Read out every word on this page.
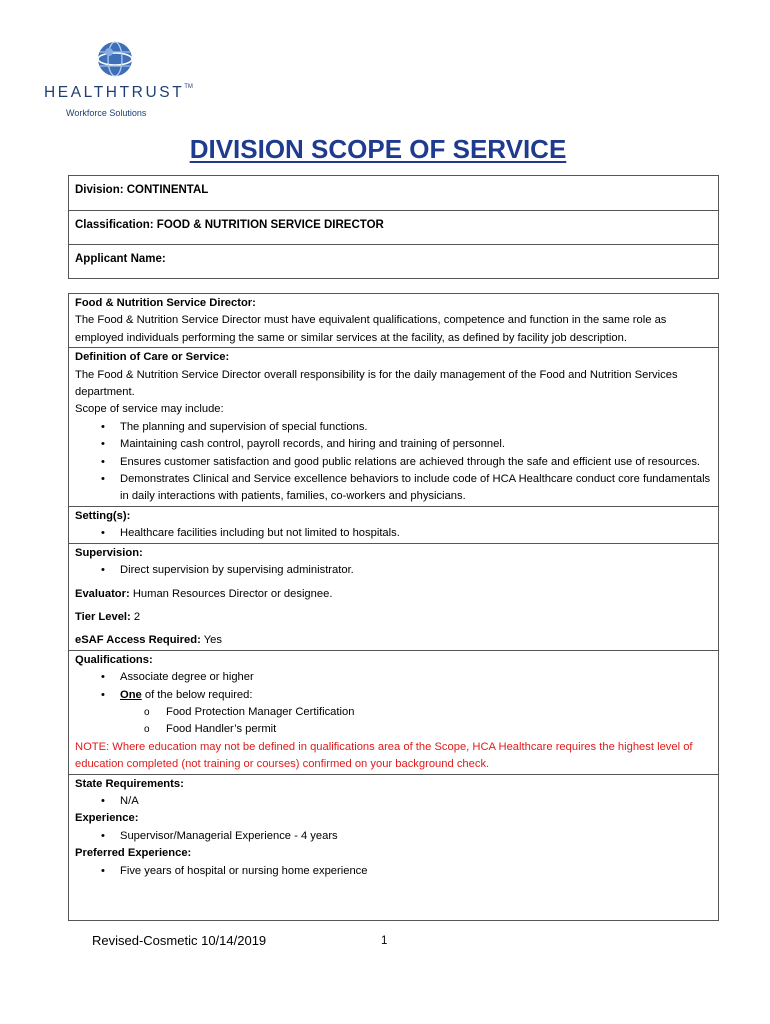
HEALTHTRUST™
Workforce Solutions
DIVISION SCOPE OF SERVICE
Division: CONTINENTAL
Classification: FOOD & NUTRITION SERVICE DIRECTOR
Applicant Name:
Food & Nutrition Service Director:
The Food & Nutrition Service Director must have equivalent qualifications, competence and function in the same role as employed individuals performing the same or similar services at the facility, as defined by facility job description.
Definition of Care or Service:
The Food & Nutrition Service Director overall responsibility is for the daily management of the Food and Nutrition Services department.
Scope of service may include:
• The planning and supervision of special functions.
• Maintaining cash control, payroll records, and hiring and training of personnel.
• Ensures customer satisfaction and good public relations are achieved through the safe and efficient use of resources.
• Demonstrates Clinical and Service excellence behaviors to include code of HCA Healthcare conduct core fundamentals in daily interactions with patients, families, co-workers and physicians.
Setting(s):
• Healthcare facilities including but not limited to hospitals.
Supervision:
• Direct supervision by supervising administrator.
Evaluator: Human Resources Director or designee.
Tier Level: 2
eSAF Access Required: Yes
Qualifications:
• Associate degree or higher
• One of the below required:
o Food Protection Manager Certification
o Food Handler’s permit
NOTE: Where education may not be defined in qualifications area of the Scope, HCA Healthcare requires the highest level of education completed (not training or courses) confirmed on your background check.
State Requirements:
• N/A
Experience:
• Supervisor/Managerial Experience - 4 years
Preferred Experience:
• Five years of hospital or nursing home experience
Revised-Cosmetic 10/14/2019	1
